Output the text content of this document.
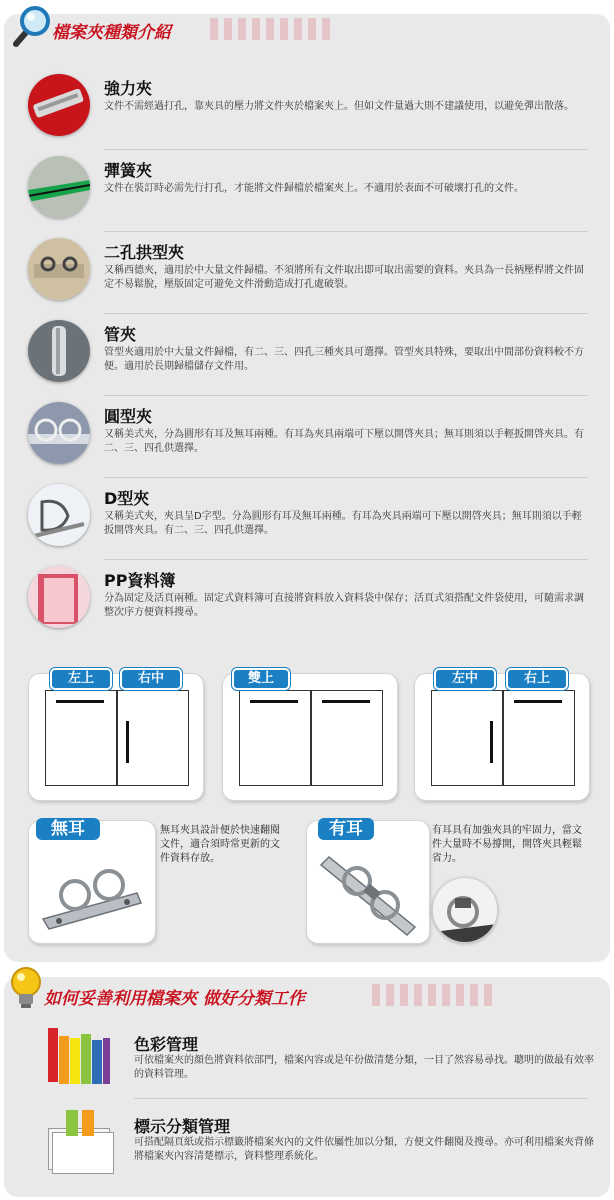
檔案夾種類介紹
強力夾
文件不需經過打孔，靠夾具的壓力將文件夾於檔案夾上。但如文件量過大則不建議使用，以避免彈出散落。
彈簧夾
文件在裝訂時必需先行打孔，才能將文件歸檔於檔案夾上。不適用於表面不可破壞打孔的文件。
二孔拱型夾
又稱西德夾，適用於中大量文件歸檔。不須將所有文件取出即可取出需要的資料。夾具為一長柄壓桿將文件固定不易鬆脫，壓版固定可避免文件滑動造成打孔處破裂。
管夾
管型夾適用於中大量文件歸檔，有二、三、四孔三種夾具可選擇。管型夾具特殊，要取出中間部份資料較不方便。適用於長期歸檔儲存文件用。
圓型夾
又稱美式夾，分為圓形有耳及無耳兩種。有耳為夾具兩端可下壓以開啓夾具；無耳則須以手輕扳開啓夾具。有二、三、四孔供選擇。
D型夾
又稱美式夾，夾具呈D字型。分為圓形有耳及無耳兩種。有耳為夾具兩端可下壓以開啓夾具；無耳則須以手輕扳開啓夾具。有二、三、四孔供選擇。
PP資料簿
分為固定及活頁兩種。固定式資料簿可直接將資料放入資料袋中保存；活頁式須搭配文件袋使用，可隨需求調整次序方便資料搜尋。
左上	右中	雙上	左中	右上
無耳	無耳夾具設計便於快速翻閱文件，適合須時常更新的文件資料存放。
有耳	有耳具有加強夾具的牢固力，當文件大量時不易撐開，開啓夾具輕鬆省力。
如何妥善利用檔案夾 做好分類工作
色彩管理
可依檔案夾的顏色將資料依部門，檔案內容或是年份做清楚分類，一目了然容易尋找。聰明的做最有效率的資料管理。
標示分類管理
可搭配隔頁紙或指示標籤將檔案夾內的文件依屬性加以分類，方便文件翻閱及搜尋。亦可利用檔案夾背條將檔案夾內容清楚標示，資料整理系統化。
